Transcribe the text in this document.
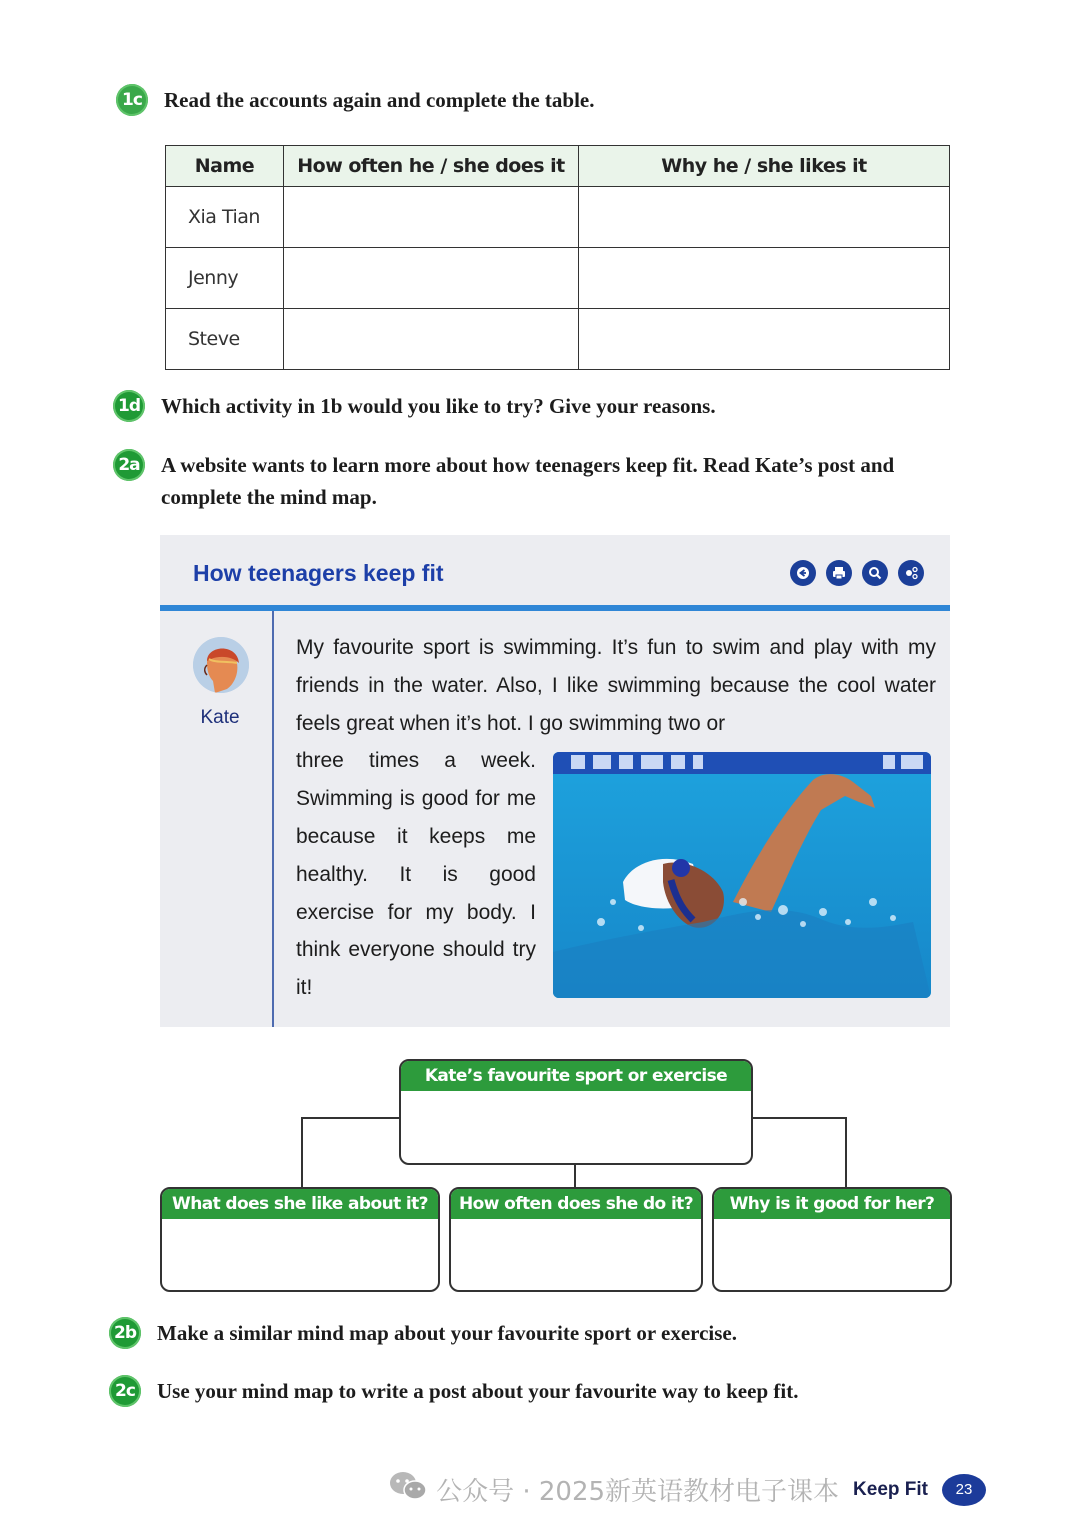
1c Read the accounts again and complete the table.
Name	How often he / she does it	Why he / she likes it
Xia Tian		
Jenny		
Steve		
1d Which activity in 1b would you like to try? Give your reasons.
2a A website wants to learn more about how teenagers keep fit. Read Kate’s post and complete the mind map.
How teenagers keep fit
Kate
My favourite sport is swimming. It’s fun to swim and play with my friends in the water. Also, I like swimming because the cool water feels great when it’s hot. I go swimming two or
three times a week. Swimming is good for me because it keeps me healthy. It is good exercise for my body. I think everyone should try it!
Kate’s favourite sport or exercise
What does she like about it?	How often does she do it?	Why is it good for her?
2b Make a similar mind map about your favourite sport or exercise.
2c Use your mind map to write a post about your favourite way to keep fit.
公众号 · 2025新英语教材电子课本 Keep Fit	23
